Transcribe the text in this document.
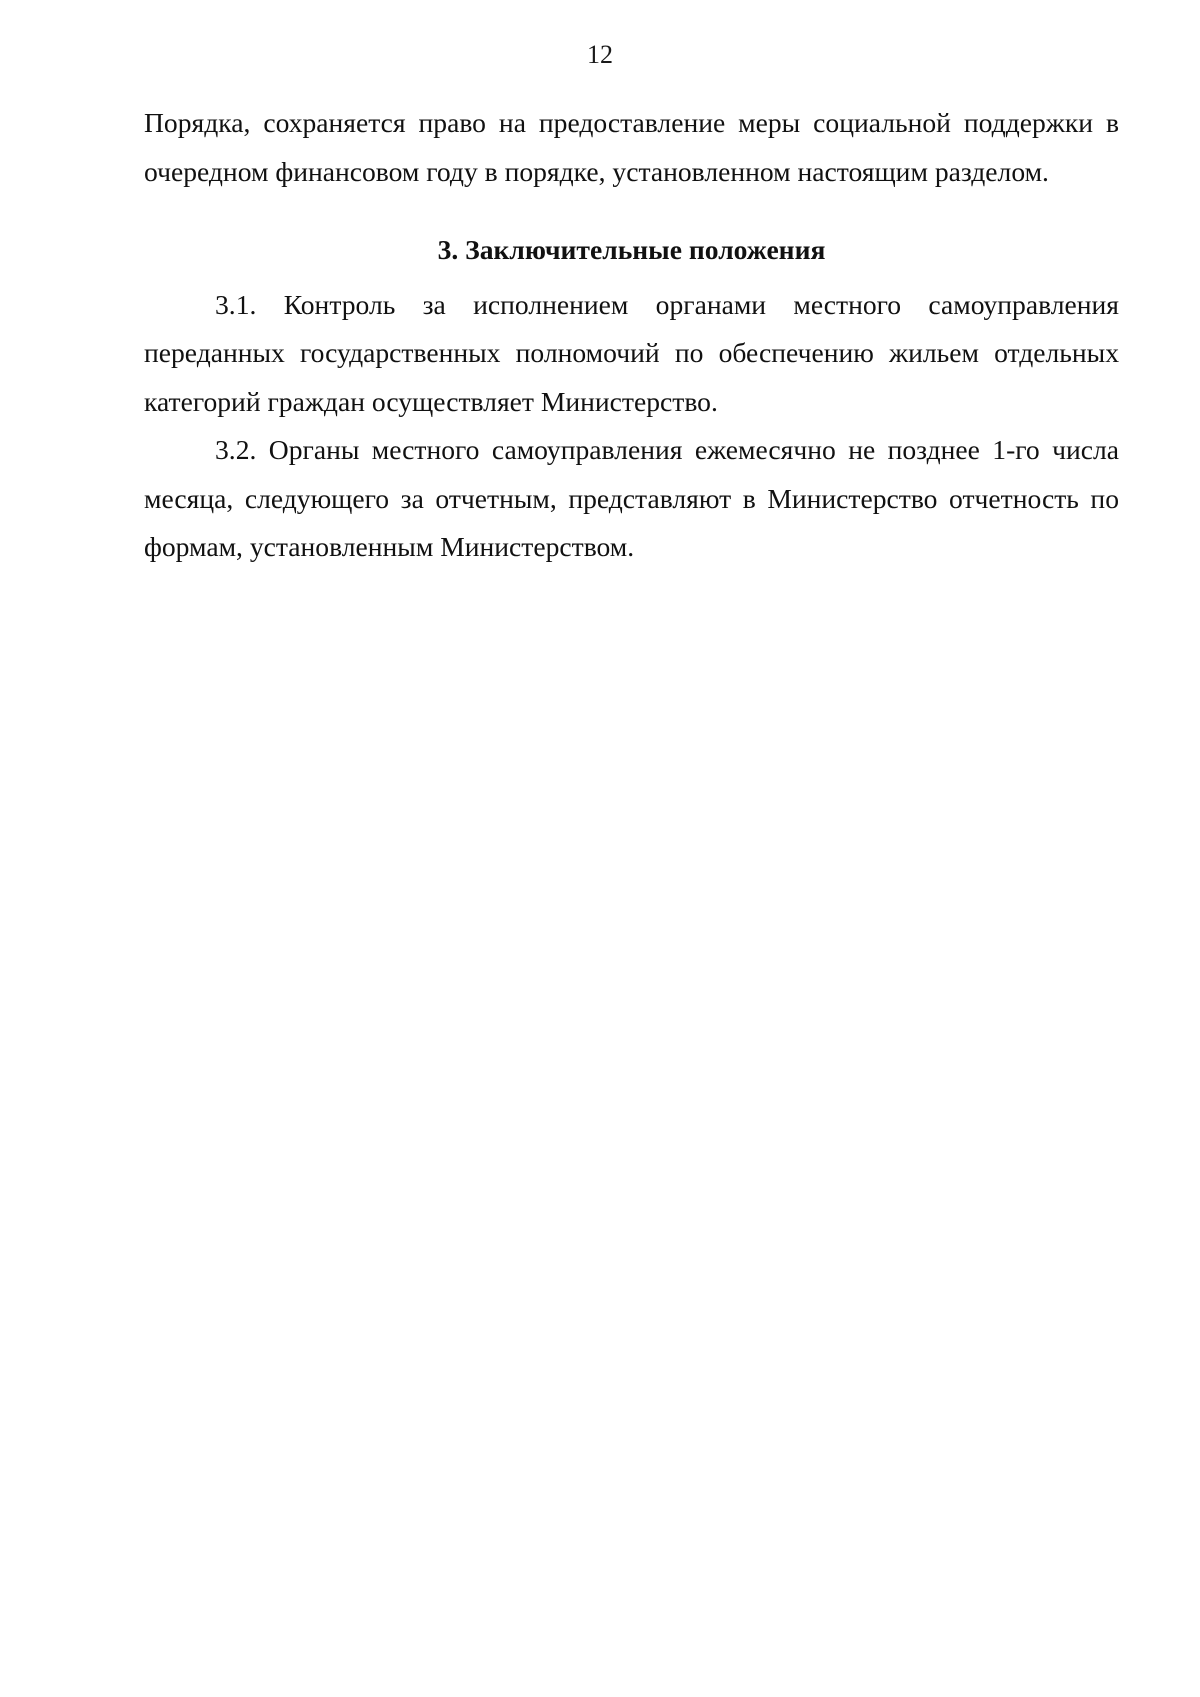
12

Порядка, сохраняется право на предоставление меры социальной поддержки в очередном финансовом году в порядке, установленном настоящим разделом.

3. Заключительные положения

3.1. Контроль за исполнением органами местного самоуправления переданных государственных полномочий по обеспечению жильем отдельных категорий граждан осуществляет Министерство.

3.2. Органы местного самоуправления ежемесячно не позднее 1-го числа месяца, следующего за отчетным, представляют в Министерство отчетность по формам, установленным Министерством.
